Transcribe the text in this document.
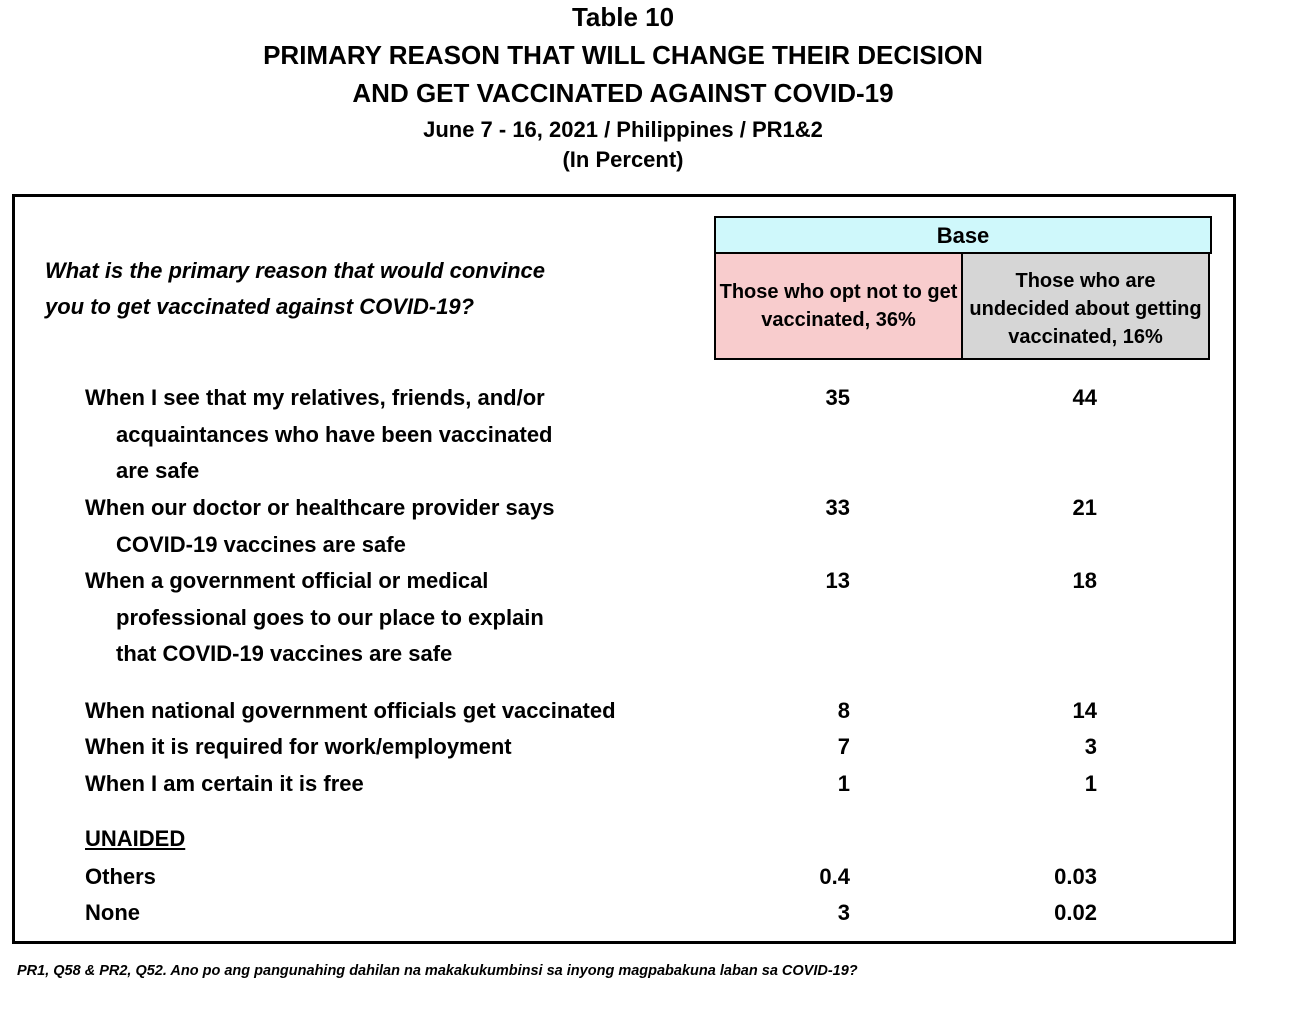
Table 10
PRIMARY REASON THAT WILL CHANGE THEIR DECISION
AND GET VACCINATED AGAINST COVID-19
June 7 - 16, 2021 / Philippines / PR1&2
(In Percent)
What is the primary reason that would convince you to get vaccinated against COVID-19?
Base
Those who opt not to get vaccinated, 36%
Those who are undecided about getting vaccinated, 16%
When I see that my relatives, friends, and/or
acquaintances who have been vaccinated
are safe
35	44
When our doctor or healthcare provider says
COVID-19 vaccines are safe
33	21
When a government official or medical
professional goes to our place to explain
that COVID-19 vaccines are safe
13	18
When national government officials get vaccinated	8	14
When it is required for work/employment	7	3
When I am certain it is free	1	1
UNAIDED
Others	0.4	0.03
None	3	0.02
PR1, Q58 & PR2, Q52. Ano po ang pangunahing dahilan na makakukumbinsi sa inyong magpabakuna laban sa COVID-19?
